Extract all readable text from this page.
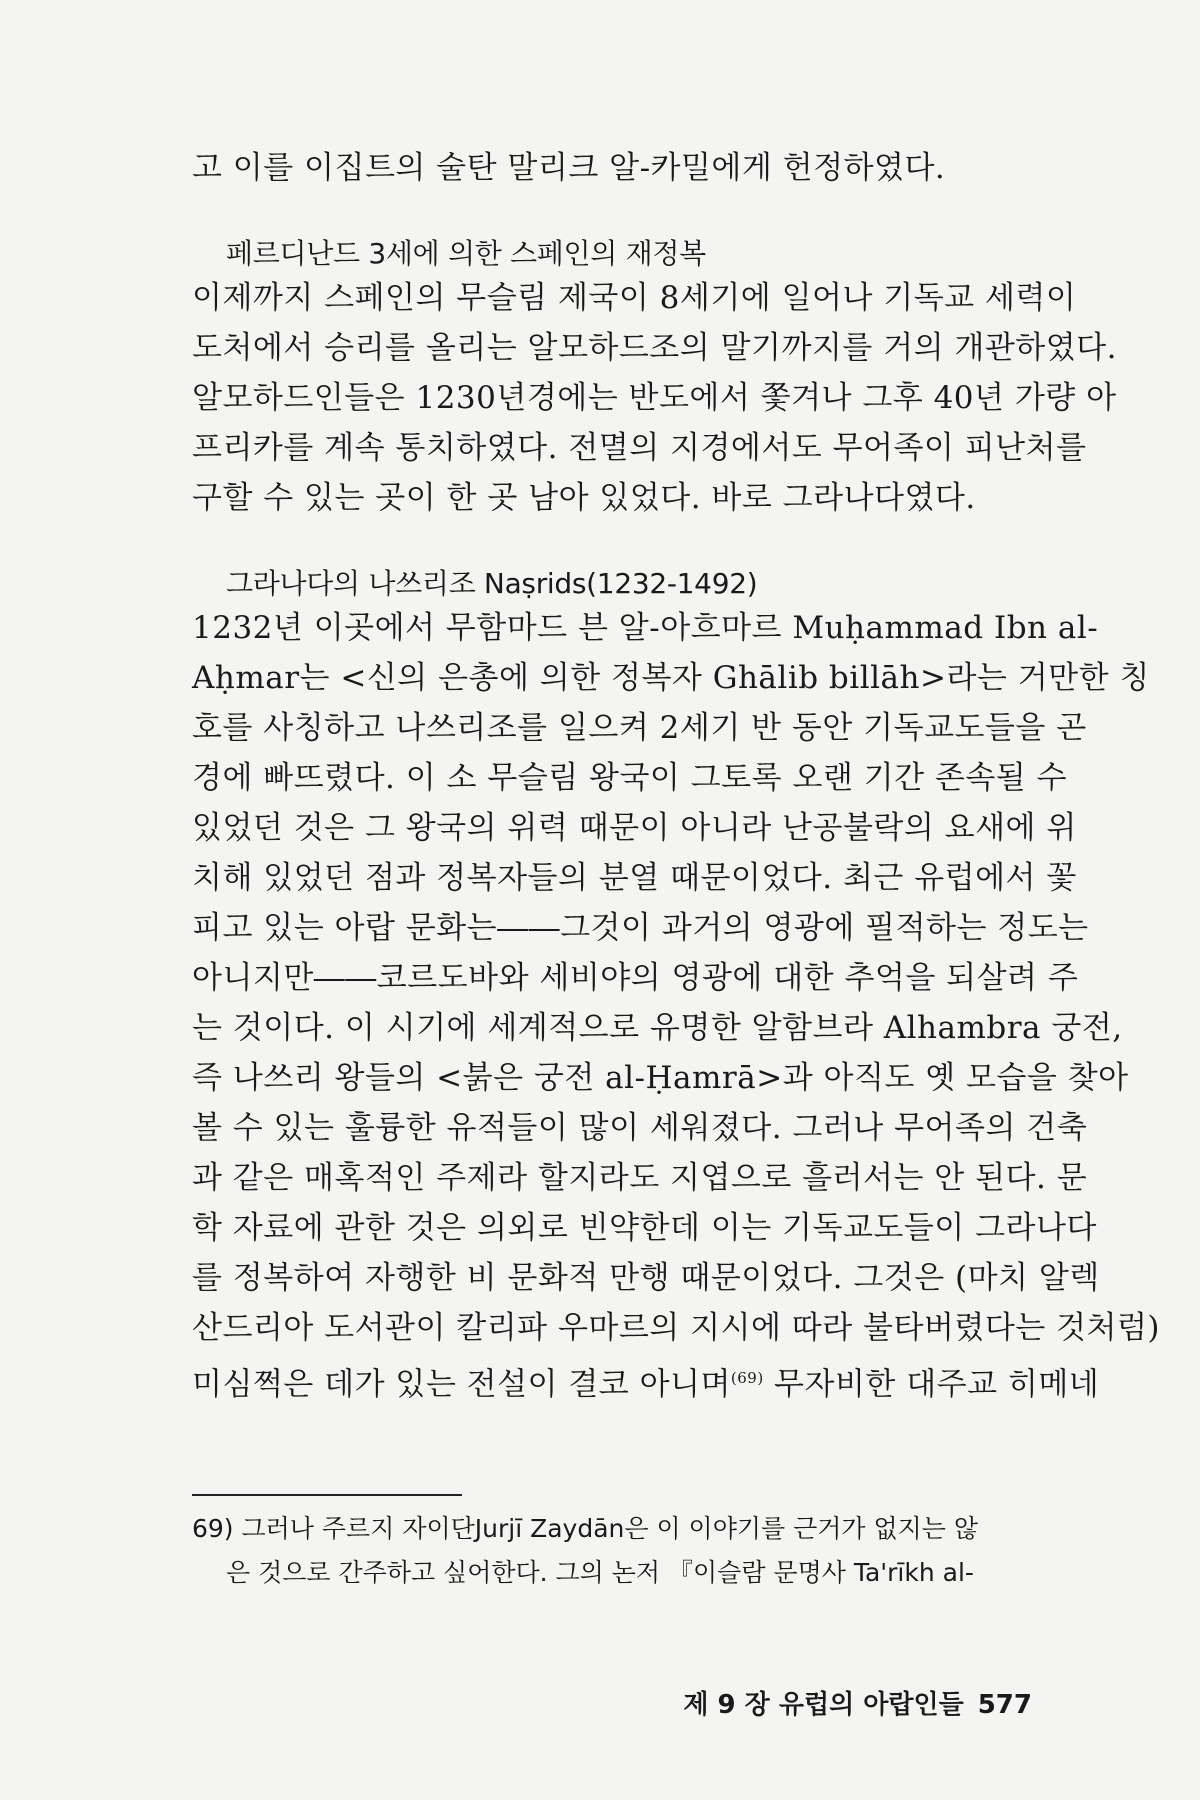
고 이를 이집트의 술탄 말리크 알-카밀에게 헌정하였다.
페르디난드 3세에 의한 스페인의 재정복
이제까지 스페인의 무슬림 제국이 8세기에 일어나 기독교 세력이
도처에서 승리를 올리는 알모하드조의 말기까지를 거의 개관하였다.
알모하드인들은 1230년경에는 반도에서 쫓겨나 그후 40년 가량 아
프리카를 계속 통치하였다. 전멸의 지경에서도 무어족이 피난처를
구할 수 있는 곳이 한 곳 남아 있었다. 바로 그라나다였다.
그라나다의 나쓰리조 Naṣrids(1232-1492)
1232년 이곳에서 무함마드 븐 알-아흐마르 Muḥammad Ibn al-
Aḥmar는 <신의 은총에 의한 정복자 Ghālib billāh>라는 거만한 칭
호를 사칭하고 나쓰리조를 일으켜 2세기 반 동안 기독교도들을 곤
경에 빠뜨렸다. 이 소 무슬림 왕국이 그토록 오랜 기간 존속될 수
있었던 것은 그 왕국의 위력 때문이 아니라 난공불락의 요새에 위
치해 있었던 점과 정복자들의 분열 때문이었다. 최근 유럽에서 꽃
피고 있는 아랍 문화는――그것이 과거의 영광에 필적하는 정도는
아니지만――코르도바와 세비야의 영광에 대한 추억을 되살려 주
는 것이다. 이 시기에 세계적으로 유명한 알함브라 Alhambra 궁전,
즉 나쓰리 왕들의 <붉은 궁전 al-Ḥamrā>과 아직도 옛 모습을 찾아
볼 수 있는 훌륭한 유적들이 많이 세워졌다. 그러나 무어족의 건축
과 같은 매혹적인 주제라 할지라도 지엽으로 흘러서는 안 된다. 문
학 자료에 관한 것은 의외로 빈약한데 이는 기독교도들이 그라나다
를 정복하여 자행한 비 문화적 만행 때문이었다. 그것은 (마치 알렉
산드리아 도서관이 칼리파 우마르의 지시에 따라 불타버렸다는 것처럼)
미심쩍은 데가 있는 전설이 결코 아니며$^{(69)}$ 무자비한 대주교 히메네
69) 그러나 주르지 자이단Jurjī Zaydān은 이 이야기를 근거가 없지는 않
은 것으로 간주하고 싶어한다. 그의 논저 『이슬람 문명사 Ta'rīkh al-
제 9 장 유럽의 아랍인들 577
